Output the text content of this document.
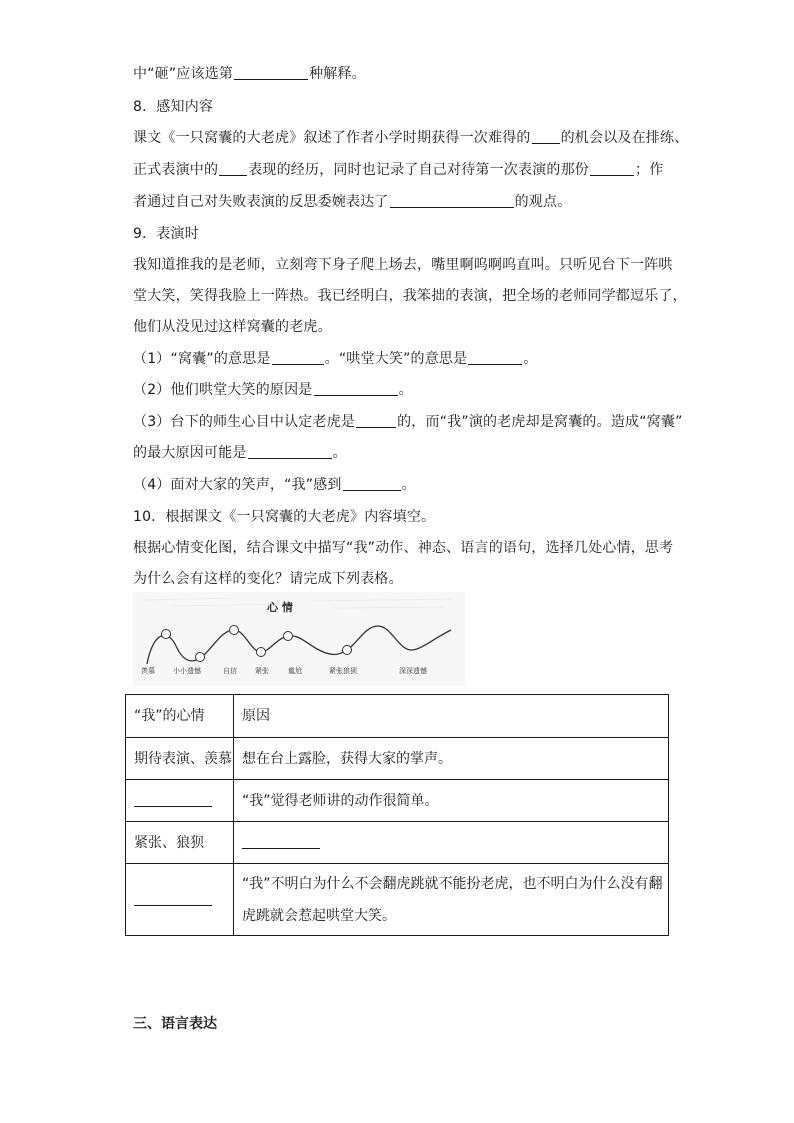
中“砸”应该选第	种解释。
8．感知内容
课文《一只窝囊的大老虎》叙述了作者小学时期获得一次难得的 的机会以及在排练、
正式表演中的 表现的经历，同时也记录了自己对待第一次表演的那份	；作
者通过自己对失败表演的反思委婉表达了	的观点。
9．表演时
我知道推我的是老师，立刻弯下身子爬上场去，嘴里啊呜啊呜直叫。只听见台下一阵哄
堂大笑，笑得我脸上一阵热。我已经明白，我笨拙的表演，把全场的老师同学都逗乐了，
他们从没见过这样窝囊的老虎。
（1）“窝囊”的意思是	。“哄堂大笑”的意思是	。
（2）他们哄堂大笑的原因是	。
（3）台下的师生心目中认定老虎是	的，而“我”演的老虎却是窝囊的。造成“窝囊”
的最大原因可能是	。
（4）面对大家的笑声，“我”感到	。
10．根据课文《一只窝囊的大老虎》内容填空。
根据心情变化图，结合课文中描写“我”动作、神态、语言的语句，选择几处心情，思考
为什么会有这样的变化？请完成下列表格。
心 情
羡慕	小小遗憾	自信	紧张	尴尬	紧张狼狈	深深遗憾
“我”的心情	原因
期待表演、羡慕	想在台上露脸，获得大家的掌声。
	“我”觉得老师讲的动作很简单。
紧张、狼狈	

	“我”不明白为什么不会翻虎跳就不能扮老虎，也不明白为什么没有翻
虎跳就会惹起哄堂大笑。
三、语言表达
